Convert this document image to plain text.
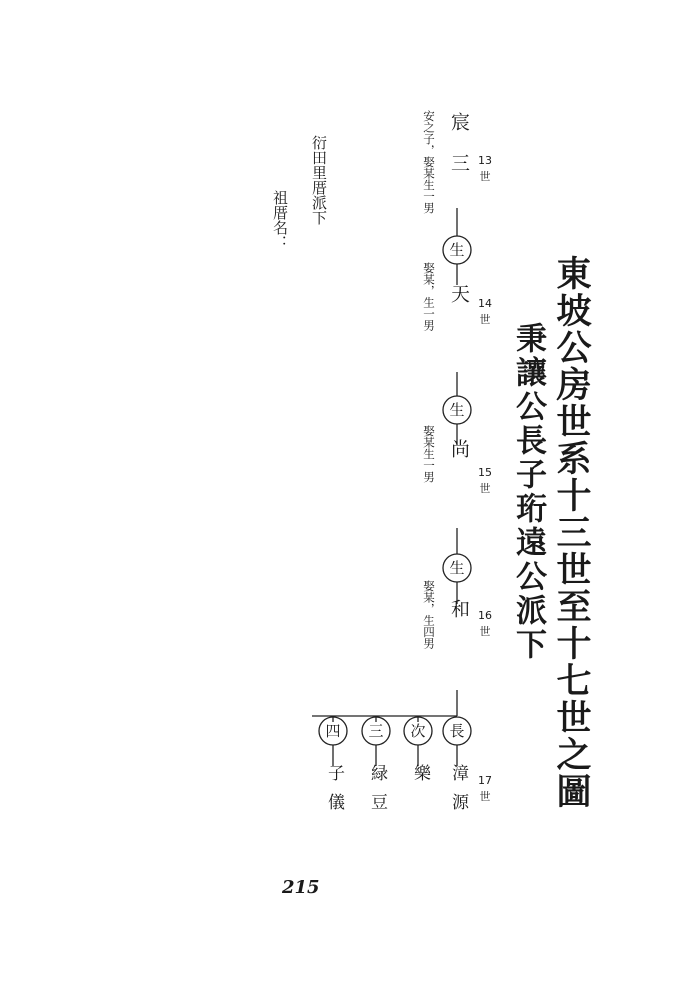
東坡公房世系十三世至十七世之圖
秉讓公長子珩遠公派下
衍田里厝派下
祖厝名：
宸 三
安之子，娶某生一男	13 世
生
天
娶某，生一男	14 世
生
尚
娶某生一男	15 世
生
和
娶某，生四男	16 世
17 世
長
漳源
次
樂
三
緑豆
四
子儀
215
